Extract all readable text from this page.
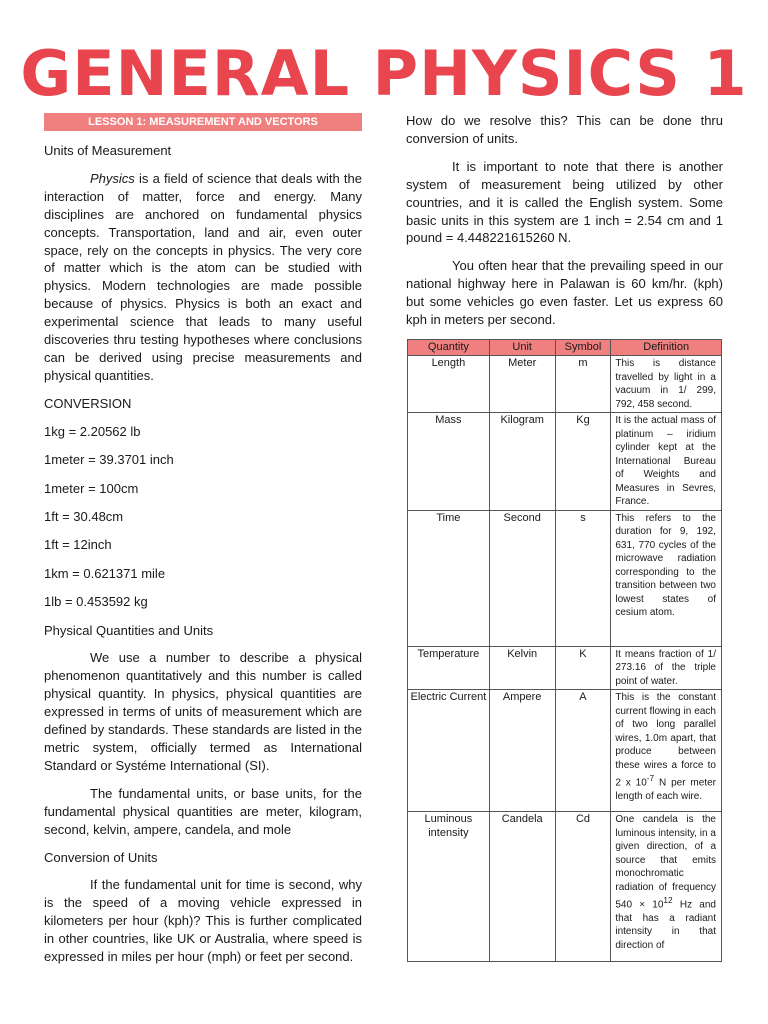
GENERAL PHYSICS 1
LESSON 1: MEASUREMENT AND VECTORS
Units of Measurement

Physics is a field of science that deals with the interaction of matter, force and energy. Many disciplines are anchored on fundamental physics concepts. Transportation, land and air, even outer space, rely on the concepts in physics. The very core of matter which is the atom can be studied with physics. Modern technologies are made possible because of physics. Physics is both an exact and experimental science that leads to many useful discoveries thru testing hypotheses where conclusions can be derived using precise measurements and physical quantities.

CONVERSION
1kg = 2.20562 lb
1meter = 39.3701 inch
1meter = 100cm
1ft = 30.48cm
1ft = 12inch
1km = 0.621371 mile
1lb = 0.453592 kg
Physical Quantities and Units

We use a number to describe a physical phenomenon quantitatively and this number is called physical quantity. In physics, physical quantities are expressed in terms of units of measurement which are defined by standards. These standards are listed in the metric system, officially termed as International Standard or Systéme International (SI).

The fundamental units, or base units, for the fundamental physical quantities are meter, kilogram, second, kelvin, ampere, candela, and mole

Conversion of Units

If the fundamental unit for time is second, why is the speed of a moving vehicle expressed in kilometers per hour (kph)? This is further complicated in other countries, like UK or Australia, where speed is expressed in miles per hour (mph) or feet per second.

How do we resolve this? This can be done thru conversion of units.

It is important to note that there is another system of measurement being utilized by other countries, and it is called the English system. Some basic units in this system are 1 inch = 2.54 cm and 1 pound = 4.448221615260 N.

You often hear that the prevailing speed in our national highway here in Palawan is 60 km/hr. (kph) but some vehicles go even faster. Let us express 60 kph in meters per second.

Quantity	Unit	Symbol	Definition
Length	Meter	m	This is distance travelled by light in a vacuum in 1/ 299, 792, 458 second.
Mass	Kilogram	Kg	It is the actual mass of platinum – iridium cylinder kept at the International Bureau of Weights and Measures in Sevres, France.
Time	Second	s	This refers to the duration for 9, 192, 631, 770 cycles of the microwave radiation corresponding to the transition between two lowest states of cesium atom.
Temperature	Kelvin	K	It means fraction of 1/ 273.16 of the triple point of water.
Electric Current	Ampere	A	This is the constant current flowing in each of two long parallel wires, 1.0m apart, that produce between these wires a force to 2 x $10^{-7}$ N per meter length of each wire.
Luminous intensity	Candela	Cd	One candela is the luminous intensity, in a given direction, of a source that emits monochromatic radiation of frequency $540 \times 10^{12}$ Hz and that has a radiant intensity in that direction of
